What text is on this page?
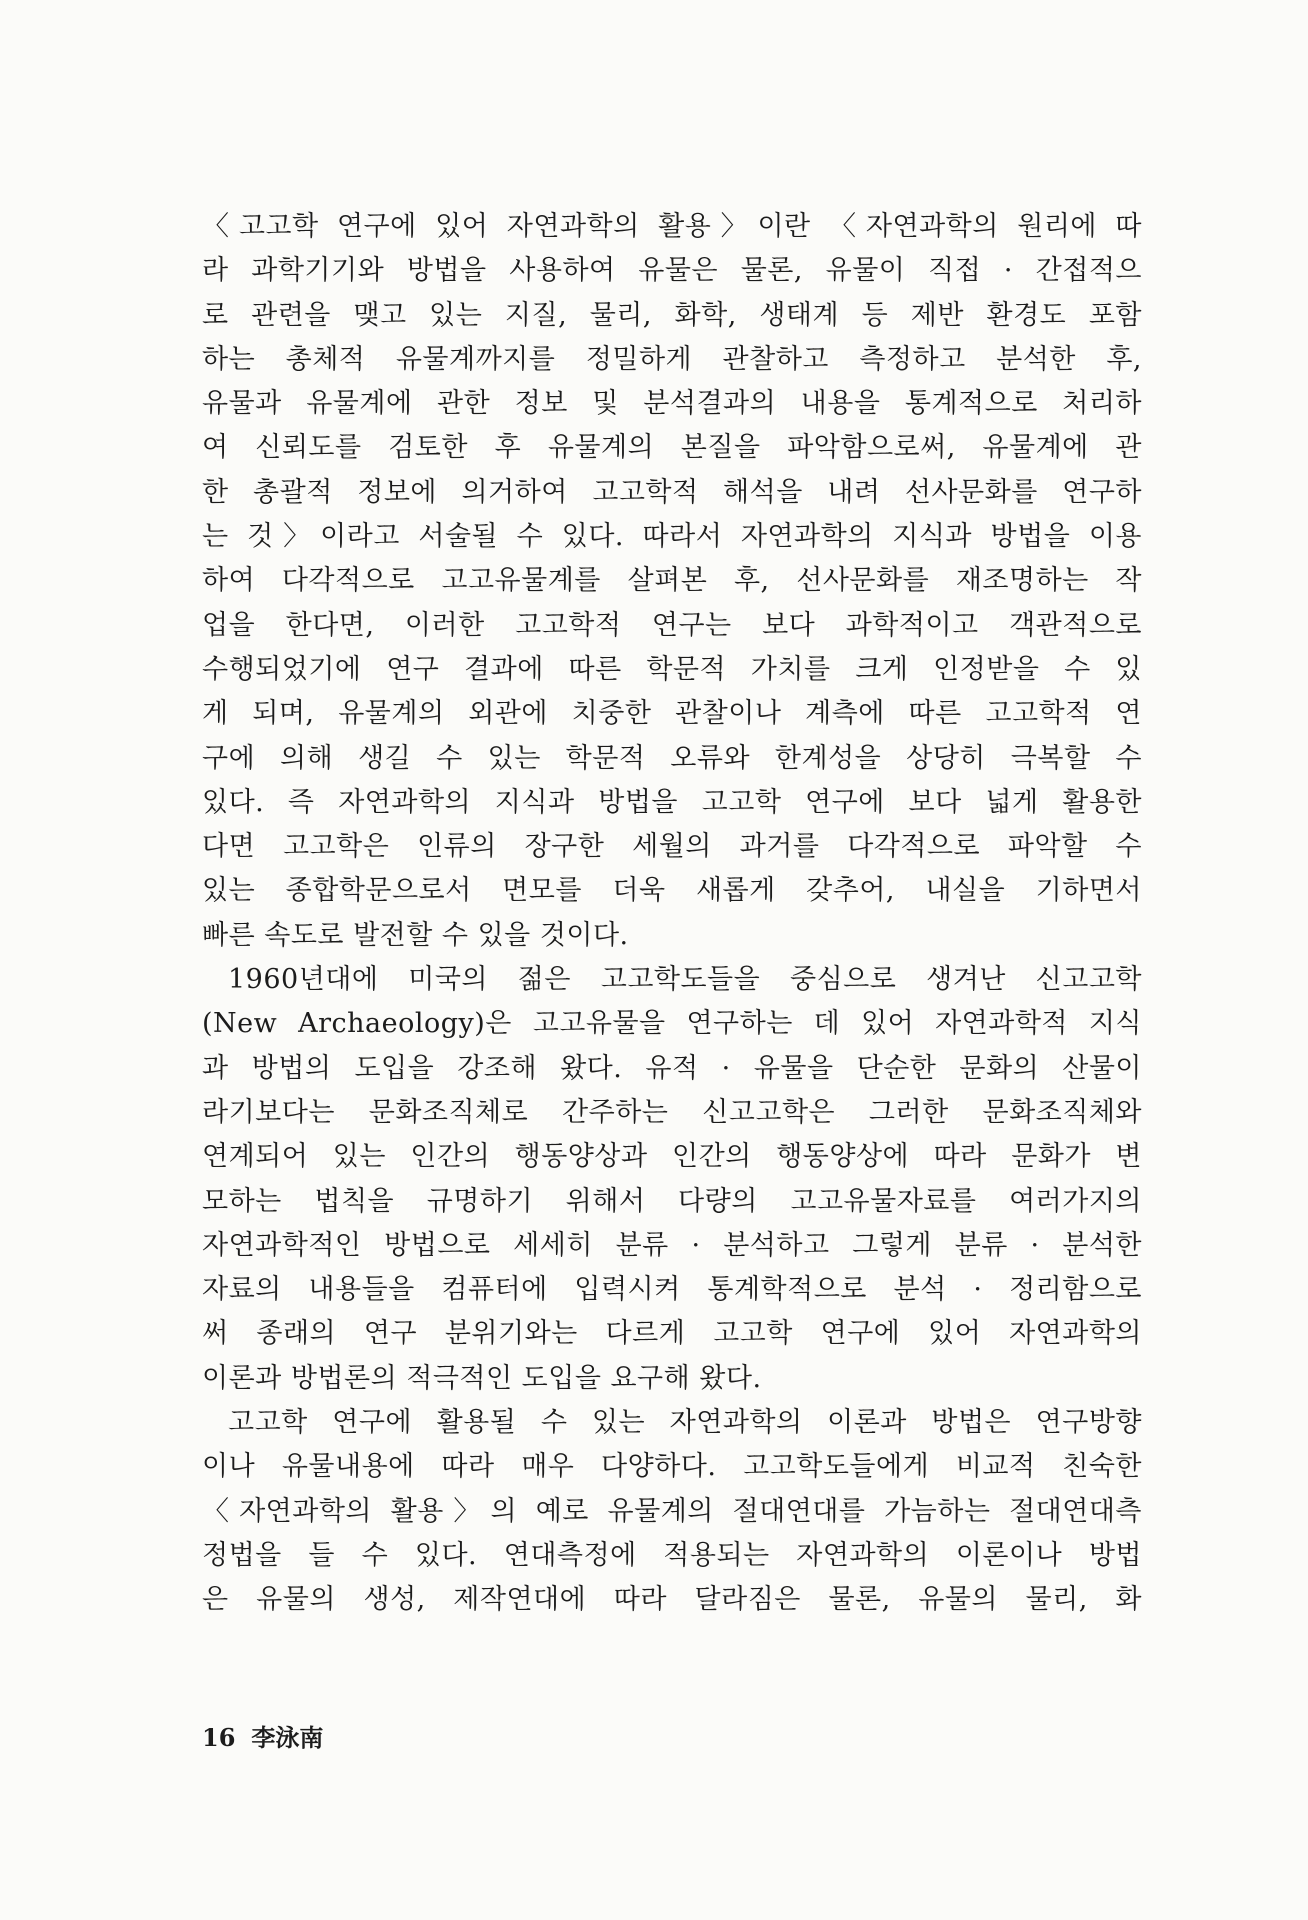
〈고고학 연구에 있어 자연과학의 활용〉이란 〈자연과학의 원리에 따
라 과학기기와 방법을 사용하여 유물은 물론, 유물이 직접 · 간접적으
로 관련을 맺고 있는 지질, 물리, 화학, 생태계 등 제반 환경도 포함
하는 총체적 유물계까지를 정밀하게 관찰하고 측정하고 분석한 후,
유물과 유물계에 관한 정보 및 분석결과의 내용을 통계적으로 처리하
여 신뢰도를 검토한 후 유물계의 본질을 파악함으로써, 유물계에 관
한 총괄적 정보에 의거하여 고고학적 해석을 내려 선사문화를 연구하
는 것〉이라고 서술될 수 있다. 따라서 자연과학의 지식과 방법을 이용
하여 다각적으로 고고유물계를 살펴본 후, 선사문화를 재조명하는 작
업을 한다면, 이러한 고고학적 연구는 보다 과학적이고 객관적으로
수행되었기에 연구 결과에 따른 학문적 가치를 크게 인정받을 수 있
게 되며, 유물계의 외관에 치중한 관찰이나 계측에 따른 고고학적 연
구에 의해 생길 수 있는 학문적 오류와 한계성을 상당히 극복할 수
있다. 즉 자연과학의 지식과 방법을 고고학 연구에 보다 넓게 활용한
다면 고고학은 인류의 장구한 세월의 과거를 다각적으로 파악할 수
있는 종합학문으로서 면모를 더욱 새롭게 갖추어, 내실을 기하면서
빠른 속도로 발전할 수 있을 것이다.
1960년대에 미국의 젊은 고고학도들을 중심으로 생겨난 신고고학
(New Archaeology)은 고고유물을 연구하는 데 있어 자연과학적 지식
과 방법의 도입을 강조해 왔다. 유적 · 유물을 단순한 문화의 산물이
라기보다는 문화조직체로 간주하는 신고고학은 그러한 문화조직체와
연계되어 있는 인간의 행동양상과 인간의 행동양상에 따라 문화가 변
모하는 법칙을 규명하기 위해서 다량의 고고유물자료를 여러가지의
자연과학적인 방법으로 세세히 분류 · 분석하고 그렇게 분류 · 분석한
자료의 내용들을 컴퓨터에 입력시켜 통계학적으로 분석 · 정리함으로
써 종래의 연구 분위기와는 다르게 고고학 연구에 있어 자연과학의
이론과 방법론의 적극적인 도입을 요구해 왔다.
고고학 연구에 활용될 수 있는 자연과학의 이론과 방법은 연구방향
이나 유물내용에 따라 매우 다양하다. 고고학도들에게 비교적 친숙한
〈자연과학의 활용〉의 예로 유물계의 절대연대를 가늠하는 절대연대측
정법을 들 수 있다. 연대측정에 적용되는 자연과학의 이론이나 방법
은 유물의 생성, 제작연대에 따라 달라짐은 물론, 유물의 물리, 화
16 李泳南
